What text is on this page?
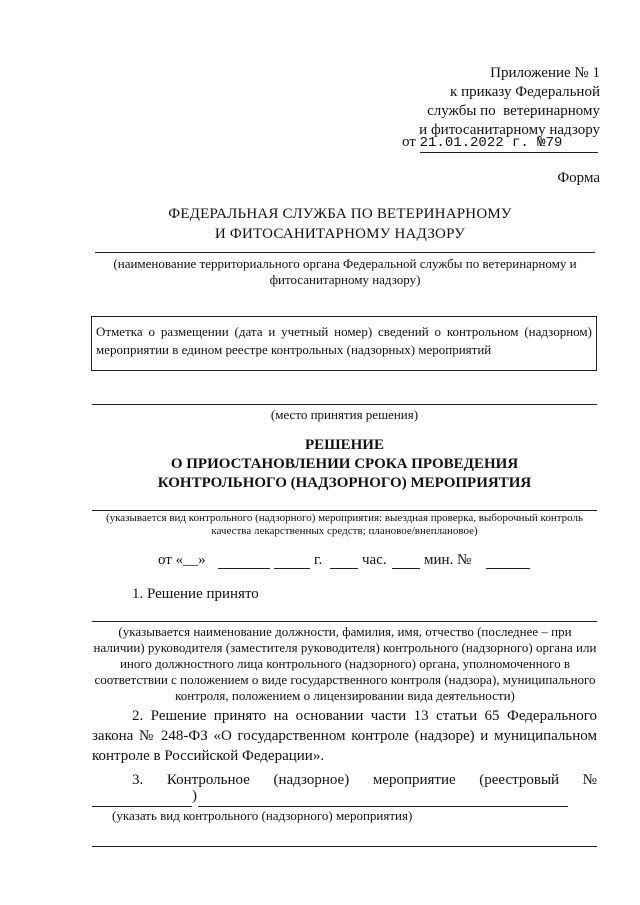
Приложение № 1
к приказу Федеральной
службы по  ветеринарному
и фитосанитарному надзору
от 21.01.2022 г. №79
Форма
ФЕДЕРАЛЬНАЯ СЛУЖБА ПО ВЕТЕРИНАРНОМУ
И ФИТОСАНИТАРНОМУ НАДЗОРУ
(наименование территориального органа Федеральной службы по ветеринарному и
фитосанитарному надзору)
Отметка о размещении (дата и учетный номер) сведений о контрольном (надзорном)
мероприятии в едином реестре контрольных (надзорных) мероприятий
(место принятия решения)
РЕШЕНИЕ
О ПРИОСТАНОВЛЕНИИ СРОКА ПРОВЕДЕНИЯ
КОНТРОЛЬНОГО (НАДЗОРНОГО) МЕРОПРИЯТИЯ
(указывается вид контрольного (надзорного) мероприятия: выездная проверка, выборочный контроль
качества лекарственных средств; плановое/внеплановое)
от «__»	г.	час. мин. №
1. Решение принято
(указывается наименование должности, фамилия, имя, отчество (последнее – при
наличии) руководителя (заместителя руководителя) контрольного (надзорного) органа или
иного должностного лица контрольного (надзорного) органа, уполномоченного в
соответствии с положением о виде государственного контроля (надзора), муниципального
контроля, положением о лицензировании вида деятельности)
2. Решение принято на основании части 13 статьи 65 Федерального
закона № 248-ФЗ «О государственном контроле (надзоре) и муниципальном
контроле в Российской Федерации».
3. Контрольное (надзорное) мероприятие (реестровый №
)
(указать вид контрольного (надзорного) мероприятия)
